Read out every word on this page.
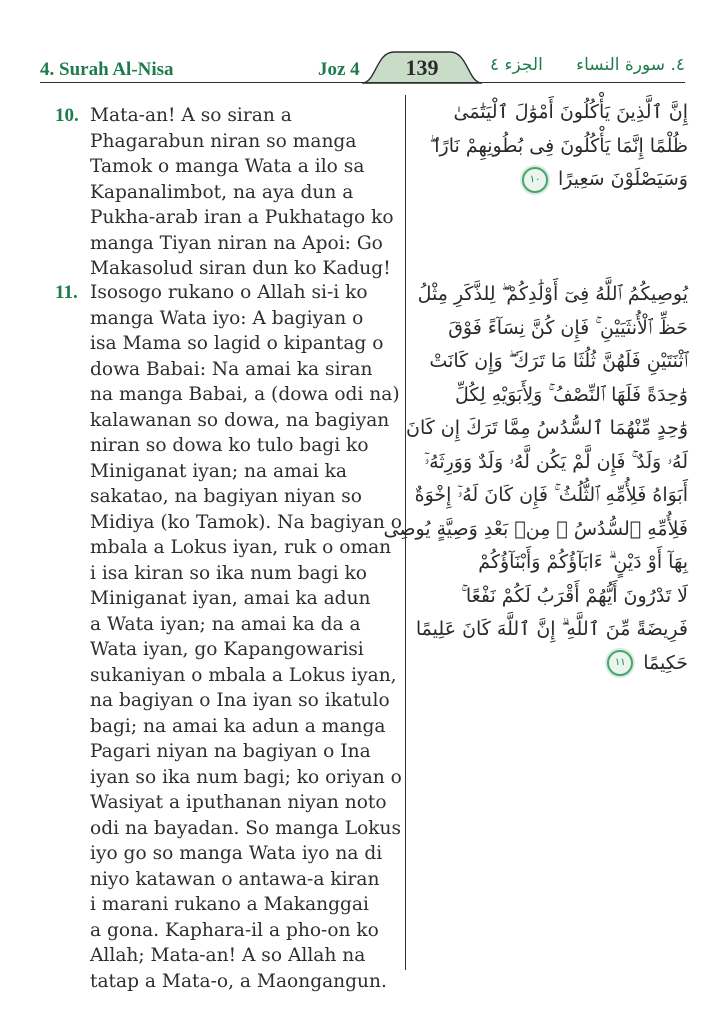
4. Surah Al-Nisa	Joz 4	139	الجزء ٤ ٤. سورة النساء
10. Mata-an! A so siran a
Phagarabun niran so manga
Tamok o manga Wata a ilo sa
Kapanalimbot, na aya dun a
Pukha-arab iran a Pukhatago ko
manga Tiyan niran na Apoi: Go
Makasolud siran dun ko Kadug!
إِنَّ ٱلَّذِينَ يَأْكُلُونَ أَمْوَٰلَ ٱلْيَتَٰمَىٰ
ظُلْمًا إِنَّمَا يَأْكُلُونَ فِى بُطُونِهِمْ نَارًا ۖ
وَسَيَصْلَوْنَ سَعِيرًا ١٠
11. Isosogo rukano o Allah si-i ko
manga Wata iyo: A bagiyan o
isa Mama so lagid o kipantag o
dowa Babai: Na amai ka siran
na manga Babai, a (dowa odi na)
kalawanan so dowa, na bagiyan
niran so dowa ko tulo bagi ko
Miniganat iyan; na amai ka
sakatao, na bagiyan niyan so
Midiya (ko Tamok). Na bagiyan o
mbala a Lokus iyan, ruk o oman
i isa kiran so ika num bagi ko
Miniganat iyan, amai ka adun
a Wata iyan; na amai ka da a
Wata iyan, go Kapangowarisi
sukaniyan o mbala a Lokus iyan,
na bagiyan o Ina iyan so ikatulo
bagi; na amai ka adun a manga
Pagari niyan na bagiyan o Ina
iyan so ika num bagi; ko oriyan o
Wasiyat a iputhanan niyan noto
odi na bayadan. So manga Lokus
iyo go so manga Wata iyo na di
niyo katawan o antawa-a kiran
i marani rukano a Makanggai
a gona. Kaphara-il a pho-on ko
Allah; Mata-an! A so Allah na
tatap a Mata-o, a Maongangun.
يُوصِيكُمُ ٱللَّهُ فِىٓ أَوْلَٰدِكُمْ ۖ لِلذَّكَرِ مِثْلُ
حَظِّ ٱلْأُنثَيَيْنِ ۚ فَإِن كُنَّ نِسَآءً فَوْقَ
ٱثْنَتَيْنِ فَلَهُنَّ ثُلُثَا مَا تَرَكَ ۖ وَإِن كَانَتْ
وَٰحِدَةً فَلَهَا ٱلنِّصْفُ ۚ وَلِأَبَوَيْهِ لِكُلِّ
وَٰحِدٍ مِّنْهُمَا ٱلسُّدُسُ مِمَّا تَرَكَ إِن كَانَ
لَهُۥ وَلَدٌ ۚ فَإِن لَّمْ يَكُن لَّهُۥ وَلَدٌ وَوَرِثَهُۥٓ
أَبَوَاهُ فَلِأُمِّهِ ٱلثُّلُثُ ۚ فَإِن كَانَ لَهُۥٓ إِخْوَةٌ
فَلِأُمِّهِ ٱلسُّدُسُ ۚ مِنۢ بَعْدِ وَصِيَّةٍ يُوصِى
بِهَآ أَوْ دَيْنٍ ۗ ءَابَآؤُكُمْ وَأَبْنَآؤُكُمْ
لَا تَدْرُونَ أَيُّهُمْ أَقْرَبُ لَكُمْ نَفْعًا ۚ
فَرِيضَةً مِّنَ ٱللَّهِ ۗ إِنَّ ٱللَّهَ كَانَ عَلِيمًا
حَكِيمًا ١١
